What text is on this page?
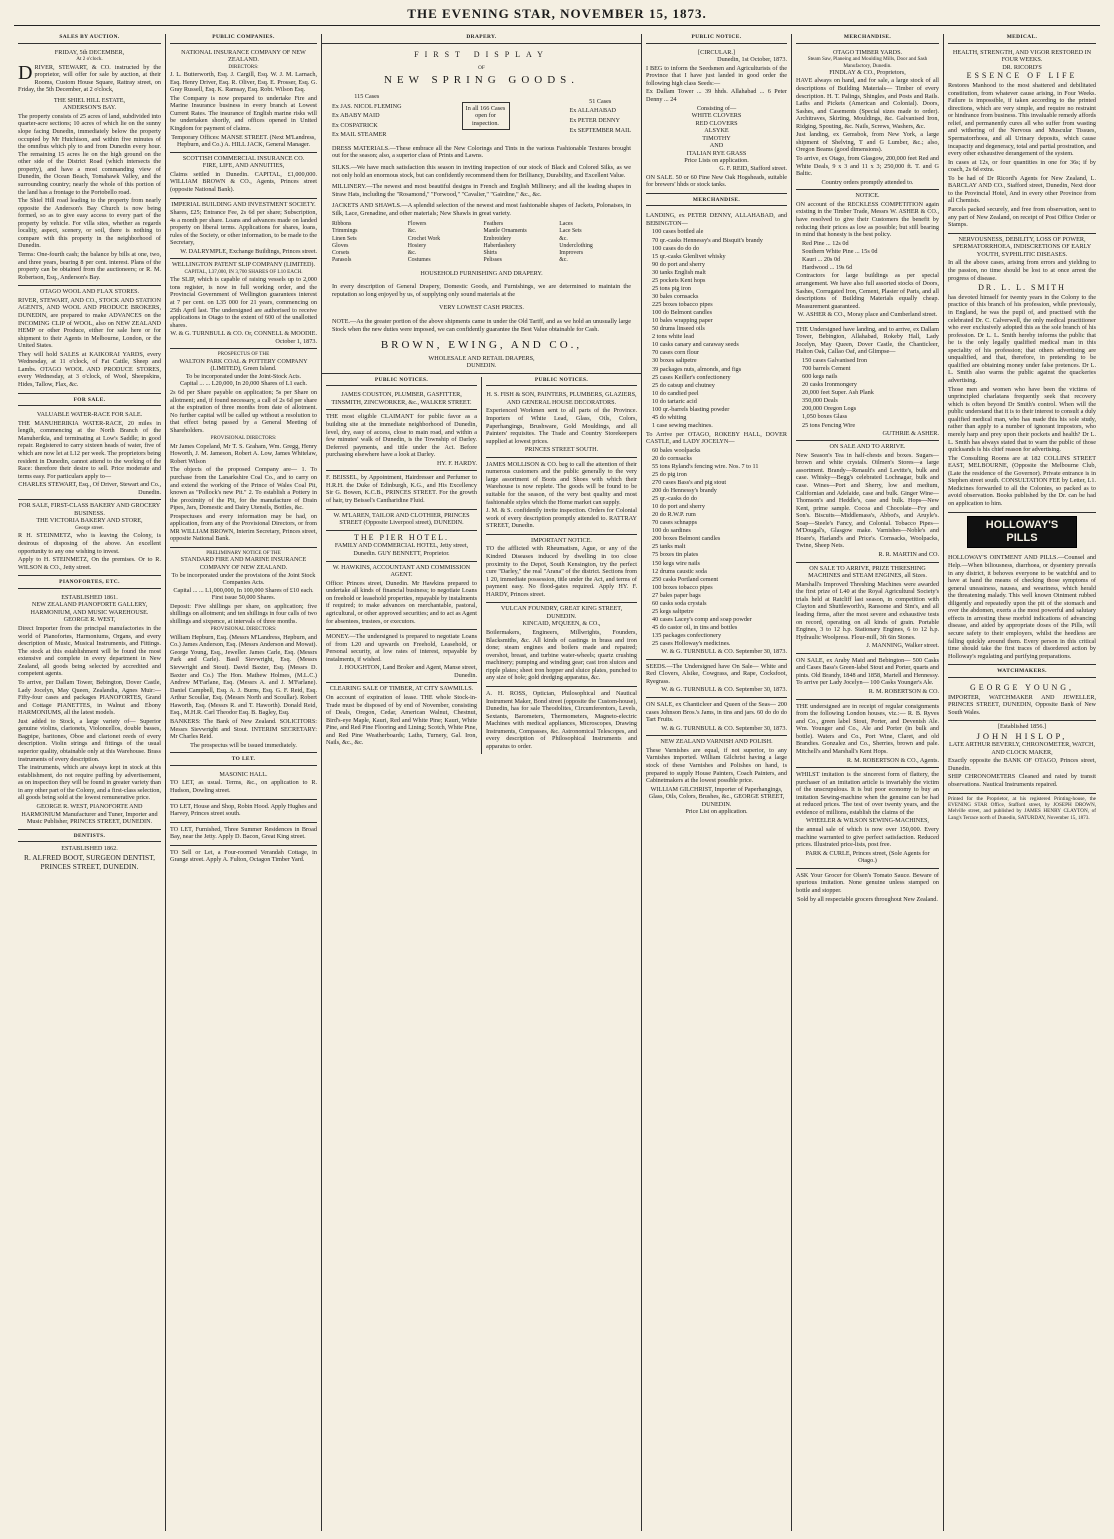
THE EVENING STAR, NOVEMBER 15, 1873.
SALES BY AUCTION.
FRIDAY, 5th DECEMBER,
At 2 o'clock.

DRIVER, STEWART, & CO. instructed by the proprietor, will offer for sale by auction, at their Rooms, Custom House Square, Rattray street, on Friday, the 5th December, at 2 o'clock,

THE SHIEL HILL ESTATE,
ANDERSON'S BAY.

The property consists of 25 acres of land, subdivided into quarter-acre sections; 10 acres of which lie on the sunny slope facing Dunedin, immediately below the property occupied by Mr Hutchison, and within five minutes of the omnibus which ply to and from Dunedin every hour. The remaining 15 acres lie on the high ground on the other side of the District Road (which intersects the property), and have a most commanding view of Dunedin, the Ocean Beach, Tomahawk Valley, and the surrounding country; nearly the whole of this portion of the land has a frontage to the Portobello road.

The Shiel Hill road leading to the property from nearly opposite the Anderson's Bay Church is now being formed, so as to give easy access to every part of the property by vehicle. For villa sites, whether as regards locality, aspect, scenery, or soil, there is nothing to compare with this property in the neighborhood of Dunedin.

Terms: One-fourth cash; the balance by bills at one, two, and three years, bearing 8 per cent. interest. Plans of the property can be obtained from the auctioneers; or R. M. Robertson, Esq., Anderson's Bay.

OTAGO WOOL AND FLAX STORES.

RIVER, STEWART, AND CO., STOCK AND STATION AGENTS, AND WOOL AND PRODUCE BROKERS, DUNEDIN, are prepared to make ADVANCES on the INCOMING CLIP of WOOL, also on NEW ZEALAND HEMP or other Produce, either for sale here or for shipment to their Agents in Melbourne, London, or the United States.

They will hold SALES at KAIKORAI YARDS, every Wednesday, at 11 o'clock, of Fat Cattle, Sheep and Lambs. OTAGO WOOL AND PRODUCE STORES, every Wednesday, at 3 o'clock, of Wool, Sheepskins, Hides, Tallow, Flax, &c.

FOR SALE.
VALUABLE WATER-RACE FOR SALE.

THE MANUHERIKIA WATER-RACE, 20 miles in length, commencing at the North Branch of the Manuherikia, and terminating at Low's Saddle; in good repair. Registered to carry sixteen heads of water, five of which are now let at L12 per week. The proprietors being resident in Dunedin, cannot attend to the working of the Race: therefore their desire to sell. Price moderate and terms easy. For particulars apply to—

CHARLES STEWART, Esq., Of Driver, Stewart and Co., Dunedin.
FOR SALE, FIRST-CLASS BAKERY AND GROCERY BUSINESS.
THE VICTORIA BAKERY AND STORE,
George street.

R H. STEINMETZ, who is leaving the Colony, is desirous of disposing of the above. An excellent opportunity to any one wishing to invest.

Apply to H. STEINMETZ, On the premises. Or to R. WILSON & CO., Jetty street.

PIANOFORTES, ETC.
ESTABLISHED 1861.
NEW ZEALAND PIANOFORTE GALLERY, HARMONIUM, AND MUSIC WAREHOUSE.
GEORGE R. WEST,

Direct Importer from the principal manufactories in the world of Pianofortes, Harmoniums, Organs, and every description of Music, Musical Instruments, and Fittings. The stock at this establishment will be found the most extensive and complete in every department in New Zealand, all goods being selected by accredited and competent agents.

To arrive, per Dallam Tower, Bebington, Dover Castle, Lady Jocelyn, May Queen, Zealandia, Agnes Muir:—Fifty-four cases and packages PIANOFORTES, Grand and Cottage PIANETTES, in Walnut and Ebony HARMONIUMS, all the latest models.

Just added to Stock, a large variety of— Superior genuine violins, clarionets, Violoncellos, double basses, Bagpipe, baritones, Oboe and clarionet reeds of every description. Violin strings and fittings of the usual superior quality, obtainable only at this Warehouse. Brass instruments of every description.

The instruments, which are always kept in stock at this establishment, do not require puffing by advertisement, as on inspection they will be found in greater variety than in any other part of the Colony, and a first-class selection, all goods being sold at the lowest remunerative price.

GEORGE R. WEST, PIANOFORTE AND HARMONIUM Manufacturer and Tuner, Importer and Music Publisher, PRINCES STREET, DUNEDIN.
DENTISTS.
ESTABLISHED 1862.
R. ALFRED BOOT, SURGEON DENTIST, PRINCES STREET, DUNEDIN.
PUBLIC COMPANIES.
NATIONAL INSURANCE COMPANY OF NEW ZEALAND.
DIRECTORS:

J. L. Butterworth, Esq. J. Cargill, Esq. W. J. M. Larnach, Esq. Henry Driver, Esq. R. Oliver, Esq. E. Prosser, Esq. G. Gray Russell, Esq. K. Ramsay, Esq. Robt. Wilson Esq.

The Company is now prepared to undertake Fire and Marine Insurance business in every branch at Lowest Current Rates. The insurance of English marine risks will be undertaken shortly, and offices opened in United Kingdom for payment of claims.

Temporary Offices: MANSE STREET. (Next M'Landress, Hepburn, and Co.) A. HILL JACK, General Manager.
SCOTTISH COMMERCIAL INSURANCE CO.
FIRE, LIFE, AND ANNUITIES,

Claims settled in Dunedin. CAPITAL, £1,000,000. WILLIAM BROWN & CO., Agents, Princes street (opposite National Bank).

IMPERIAL BUILDING AND INVESTMENT SOCIETY.

Shares, £25; Entrance Fee, 2s 6d per share; Subscription, 4s a month per share. Loans and advances made on landed property on liberal terms. Applications for shares, loans, rules of the Society, or other information, to be made to the Secretary,

W. DALRYMPLE, Exchange Buildings, Princes street.
WELLINGTON PATENT SLIP COMPANY (LIMITED).
CAPITAL, L37,000, IN 3,700 SHARES OF L10 EACH.

The SLIP, which is capable of raising vessels up to 2,000 tons register, is now in full working order, and the Provincial Government of Wellington guarantees interest at 7 per cent. on L35 000 for 21 years, commencing on 25th April last. The undersigned are authorised to receive applications in Otago to the extent of 600 of the unallotted shares.

W. & G. TURNBULL & CO. Or, CONNELL & MOODIE. October 1, 1873.
PROSPECTUS OF THE
WALTON PARK COAL & POTTERY COMPANY (LIMITED), Green Island.
To be incorporated under the Joint-Stock Acts.
Capital ... ... L20,000, In 20,000 Shares of L1 each.

2s 6d per Share payable on application; 5s per Share on allotment; and, if found necessary, a call of 2s 6d per share at the expiration of three months from date of allotment. No further capital will be called up without a resolution to that effect being passed by a General Meeting of Shareholders.

PROVISIONAL DIRECTORS:

Mr James Copeland, Mr T. S. Graham, Wm. Gregg, Henry Howorth, J. M. Jameson, Robert A. Low, James Whitelaw, Robert Wilson

The objects of the proposed Company are— 1. To purchase from the Lanarkshire Coal Co., and to carry on and extend the working of the Prince of Wales Coal Pit, known as "Pollock's new Pit." 2. To establish a Pottery in the proximity of the Pit, for the manufacture of Drain Pipes, Jars, Domestic and Dairy Utensils, Bottles, &c.

Prospectuses and every information may be had, on application, from any of the Provisional Directors, or from MR WILLIAM BROWN, Interim Secretary, Princes street, opposite National Bank.

PRELIMINARY NOTICE OF THE
STANDARD FIRE AND MARINE INSURANCE COMPANY OF NEW ZEALAND.
To be incorporated under the provisions of the Joint Stock Companies Acts.
Capital ... ... L1,000,000, In 100,000 Shares of £10 each. First issue 50,000 Shares.

Deposit: Five shillings per share, on application; five shillings on allotment; and ten shillings in four calls of two shillings and sixpence, at intervals of three months.

PROVISIONAL DIRECTORS:

William Hepburn, Esq. (Messrs M'Landress, Hepburn, and Co.) James Anderson, Esq. (Messrs Anderson and Mowat). George Young, Esq., Jeweller. James Carle, Esq. (Messrs Park and Carle). Basil Sievwright, Esq. (Messrs Sievwright and Stout). David Baxter, Esq. (Messrs D. Baxter and Co.) The Hon. Mathew Holmes, (M.L.C.) Andrew M'Farlane, Esq. (Messrs A. and J. M'Farlane). Daniel Campbell, Esq. A. J. Burns, Esq. G. F. Reid, Esq. Arthur Scoullar, Esq. (Messrs North and Scoullar). Robert Haworth, Esq. (Messrs R. and T. Haworth). Donald Reid, Esq., M.H.R. Carl Theodor Esq. B. Bagley, Esq.

BANKERS: The Bank of New Zealand. SOLICITORS: Messrs Sievwright and Stout. INTERIM SECRETARY: Mr Charles Reid.

The prospectus will be issued immediately.
TO LET.
MASONIC HALL.

TO LET, as usual. Terms, &c., on application to R. Hudson, Dowling street.

TO LET, House and Shop, Robin Hood. Apply Hughes and Harvey, Princes street south.

TO LET, Furnished, Three Summer Residences in Broad Bay, near the Jetty. Apply D. Bacon, Great King street.

TO Sell or Let, a Four-roomed Verandah Cottage, in Grange street. Apply A. Fulton, Octagon Timber Yard.

DRAPERY.
FIRST DISPLAY
OF
NEW SPRING GOODS.
115 Cases
Ex JAS. NICOL FLEMING
Ex ABABY MAID
Ex COSPATRICK
Ex MAIL STEAMER
In all 166 Cases open for inspection.
51 Cases
Ex ALLAHABAD
Ex PETER DENNY
Ex SEPTEMBER MAIL
DRESS MATERIALS.—These embrace all the New Colorings and Tints in the various Fashionable Textures brought out for the season; also, a superior class of Prints and Lawns.
SILKS.—We have much satisfaction this season in inviting inspection of our stock of Black and Colored Silks, as we not only hold an enormous stock, but can confidently recommend them for Brilliancy, Durability, and Excellent Value.
MILLINERY.—The newest and most beautiful designs in French and English Millinery; and all the leading shapes in Straw Hats, including the "Rosamond," "Forwood," "Cavalier," "Gairdine," &c., &c.
JACKETS AND SHAWLS.—A splendid selection of the newest and most fashionable shapes of Jackets, Polonaises, in Silk, Lace, Grenadine, and other materials; New Shawls in great variety.
Ribbons	Flowers	Feathers	Laces
Trimmings	&c.	Mantle Ornaments	Lace Sets
Linen Sets	Crochet Work	Embroidery	&c.
Gloves	Hosiery	Haberdashery	Underclothing
Corsets	&c.	Shirts	Improvers
Parasols	Costumes	Pelisses	&c.
HOUSEHOLD FURNISHING AND DRAPERY.
In every description of General Drapery, Domestic Goods, and Furnishings, we are determined to maintain the reputation so long enjoyed by us, of supplying only sound materials at the
VERY LOWEST CASH PRICES.
NOTE.—As the greater portion of the above shipments came in under the Old Tariff, and as we hold an unusually large Stock when the new duties were imposed, we can confidently guarantee the Best Value obtainable for Cash.
BROWN, EWING, AND CO.,
WHOLESALE AND RETAIL DRAPERS,
DUNEDIN.
PUBLIC NOTICES.
JAMES COUSTON, PLUMBER, GASFITTER, TINSMITH, ZINCWORKER, &c., WALKER STREET.

THE most eligible CLAIMANT for public favor as a building site at the immediate neighborhood of Dunedin, level, dry, easy of access, close to main road, and within a few minutes' walk of Dunedin, is the Township of Darley. Deferred payments, and title under the Act. Before purchasing elsewhere have a look at Darley.

HY. F. HARDY.

F. BEISSEL, by Appointment, Hairdresser and Perfumer to H.R.H. the Duke of Edinburgh, K.G., and His Excellency Sir G. Bowen, K.C.B., PRINCES STREET. For the growth of hair, try Beissel's Cantharidine Fluid.

W. M'LAREN, TAILOR AND CLOTHIER, PRINCES STREET (Opposite Liverpool street), DUNEDIN.
THE PIER HOTEL.
FAMILY AND COMMERCIAL HOTEL, Jetty street, Dunedin. GUY BENNETT, Proprietor.
W. HAWKINS, ACCOUNTANT AND COMMISSION AGENT.

Office: Princes street, Dunedin. Mr Hawkins prepared to undertake all kinds of financial business; to negotiate Loans on freehold or leasehold properties, repayable by instalments if required; to make advances on merchantable, pastoral, agricultural, or other approved securities; and to act as Agent for absentees, trustees, or executors.

MONEY.—The undersigned is prepared to negotiate Loans of from L20 and upwards on Freehold, Leasehold, or Personal security, at low rates of interest, repayable by instalments, if wished.

J. HOUGHTON, Land Broker and Agent, Manse street, Dunedin.
CLEARING SALE OF TIMBER, AT CITY SAWMILLS.

On account of expiration of lease. THE whole Stock-in-Trade must be disposed of by end of November, consisting of Deals, Oregon, Cedar, American Walnut, Chestnut, Bird's-eye Maple, Kauri, Red and White Pine; Kauri, White Pine, and Red Pine Flooring and Lining; Scotch, White Pine, and Red Pine Weatherboards; Laths, Turnery, Gal. Iron, Nails, &c., &c.

PUBLIC NOTICES.
H. S. FISH & SON, PAINTERS, PLUMBERS, GLAZIERS, AND GENERAL HOUSE DECORATORS.

Experienced Workmen sent to all parts of the Province. Importers of White Lead, Glass, Oils, Colors, Paperhangings, Brushware, Gold Mouldings, and all Painters' requisites. The Trade and Country Storekeepers supplied at lowest prices.

PRINCES STREET SOUTH.

JAMES MOLLISON & CO. beg to call the attention of their numerous customers and the public generally to the very large assortment of Boots and Shoes with which their Warehouse is now replete. The goods will be found to be suitable for the season, of the very best quality and most fashionable styles which the Home market can supply.

J. M. & S. confidently invite inspection. Orders for Colonial work of every description promptly attended to. RATTRAY STREET, Dunedin.

IMPORTANT NOTICE.

TO the afflicted with Rheumatism, Ague, or any of the Kindred Diseases induced by dwelling in too close proximity to the Depot, South Kensington, try the perfect cure "Darley," the real "Arana" of the district. Sections from 1 20, immediate possession, title under the Act, and terms of payment easy. No flood-gates required. Apply HY. F. HARDY, Princes street.

VULCAN FOUNDRY, GREAT KING STREET, DUNEDIN.
KINCAID, M'QUEEN, & CO.,

Boilermakers, Engineers, Millwrights, Founders, Blacksmiths, &c. All kinds of castings in brass and iron done; steam engines and boilers made and repaired; overshot, breast, and turbine water-wheels; quartz crushing machinery; pumping and winding gear; cast iron sluices and ripple plates; sheet iron hopper and sluice plates, punched to any size of hole; gold dredging apparatus, &c.

A. H. ROSS, Optician, Philosophical and Nautical Instrument Maker, Bond street (opposite the Custom-house), Dunedin, has for sale Theodolites, Circumferentors, Levels, Sextants, Barometers, Thermometers, Magneto-electric Machines with medical appliances, Microscopes, Drawing Instruments, Compasses, &c. Astronomical Telescopes, and every description of Philosophical Instruments and apparatus to order.

PUBLIC NOTICE.
[CIRCULAR.]
Dunedin, 1st October, 1873.

I BEG to inform the Seedsmen and Agriculturists of the Province that I have just landed in good order the following high class Seeds:—

Ex Dallam Tower ... 39 hhds. Allahabad ... 6 Peter Denny ... 24

Consisting of—
WHITE CLOVERS
RED CLOVERS
ALSYKE
TIMOTHY
AND
ITALIAN RYE GRASS
Price Lists on application.
G. F. REID, Stafford street.

ON SALE. 50 or 60 Fine New Oak Hogsheads, suitable for brewers' hhds or stock tanks.

MERCHANDISE.

LANDING, ex PETER DENNY, ALLAHABAD, and BEBINGTON—

100 cases bottled ale
70 qr.-casks Hennessy's and Bisquit's brandy
100 cases do do do
15 qr.-casks Glenlivet whisky
90 do port and sherry
30 tanks English malt
25 pockets Kent hops
25 tons pig iron
30 bales cornsacks
225 boxes tobacco pipes
100 do Belmont candles
10 bales wrapping paper
50 drums linseed oils
2 tons white lead
10 casks canary and caraway seeds
70 cases corn flour
30 boxes saltpetre
39 packages nuts, almonds, and figs
25 cases Keiller's confectionery
25 do catsup and chutney
10 do candied peel
10 do tartaric acid
100 qr.-barrels blasting powder
45 do whiting
1 case sewing machines.

To Arrive per OTAGO, ROKEBY HALL, DOVER CASTLE, and LADY JOCELYN—

60 bales woolpacks
20 do cornsacks
55 tons Ryland's fencing wire. Nos. 7 to 11
25 do pig iron
270 cases Bass's and pig stout
200 do Hennessy's brandy
25 qr.-casks do do
10 do port and sherry
20 do R.W.P. rum
70 cases schnapps
100 do sardines
200 boxes Belmont candles
25 tanks malt
75 boxes tin plates
150 kegs wire nails
12 drums caustic soda
250 casks Portland cement
100 boxes tobacco pipes
27 bales paper bags
60 casks soda crystals
25 kegs saltpetre
40 cases Lacey's comp and soap powder
45 do castor oil, in tins and bottles
135 packages confectionery
25 cases Holloway's medicines.
W. & G. TURNBULL & CO. September 30, 1873.

SEEDS.—The Undersigned have On Sale— White and Red Clovers, Alsike, Cowgrass, and Rape, Cocksfoot, Ryegrass.

W. & G. TURNBULL & CO. September 30, 1873.

ON SALE, ex Chanticleer and Queen of the Seas— 200 cases Johnson Bros.'s Jams, in tins and jars. 60 do do do Tart Fruits.

W. & G. TURNBULL & CO. September 30, 1873.
NEW ZEALAND VARNISH AND POLISH.

These Varnishes are equal, if not superior, to any Varnishes imported. William Gilchrist having a large stock of these Varnishes and Polishes on hand, is prepared to supply House Painters, Coach Painters, and Cabinetmakers at the lowest possible price.

WILLIAM GILCHRIST, Importer of Paperhangings, Glass, Oils, Colors, Brushes, &c., GEORGE STREET, DUNEDIN.
Price List on application.
MERCHANDISE.
OTAGO TIMBER YARDS.
Steam Saw, Planeing and Moulding Mills, Door and Sash Manufactory, Dunedin.
FINDLAY & CO., Proprietors,

HAVE always on hand, and for sale, a large stock of all descriptions of Building Materials— Timber of every description. H. T. Palings, Shingles, and Posts and Rails. Laths and Pickets (American and Colonial). Doors, Sashes, and Casements (Special sizes made to order). Architraves, Skirting, Mouldings, &c. Galvanised Iron, Ridging, Spouting, &c. Nails, Screws, Washers, &c.

Just landing, ex Gemsbok, from New York, a large shipment of Shelving, T and G Lumber, &c.; also, Oregon Beams (good dimensions).

To arrive, ex Otago, from Glasgow, 200,000 feet Red and White Deals, 9 x 3 and 11 x 3; 250,000 ft. T. and G Baltic.

Country orders promptly attended to.
NOTICE.

ON account of the RECKLESS COMPETITION again existing in the Timber Trade, Messrs W. ASHER & CO., have resolved to give their Customers the benefit by reducing their prices as low as possible; but still bearing in mind that honesty is the best policy.

Red Pine ... 12s 0d
Southern White Pine ... 15s 0d
Kauri ... 20s 0d
Hardwood ... 19s 6d

Contractors for large buildings as per special arrangement. We have also full assorted stocks of Doors, Sashes, Corrugated Iron, Cement, Plaster of Paris, and all descriptions of Building Materials equally cheap. Measurement guaranteed.

W. ASHER & CO., Moray place and Cumberland street.

THE Undersigned have landing, and to arrive, ex Dallam Tower, Bebington, Allahabad, Rokeby Hall, Lady Jocelyn, May Queen, Dover Castle, the Chanticleer, Halton Oak, Callao Oaf, and Glimpse—

150 cases Galvanised Iron
700 barrels Cement
600 kegs nails
20 casks Ironmongery
20,000 feet Super. Ash Plank
350,000 Deals
200,000 Oregon Logs
1,050 boxes Glass
25 tons Fencing Wire
GUTHRIE & ASHER.
ON SALE AND TO ARRIVE.

New Season's Tea in half-chests and boxes. Sugars—brown and white crystals. Oilmen's Stores—a large assortment. Brandy—Renault's and Levitte's, bulk and case. Whisky—Begg's celebrated Lochnagar, bulk and case. Wines—Port and Sherry, low and medium, Californian and Adelaide, case and bulk. Ginger Wine—Thomson's and Heddle's, case and bulk. Hops—New Kent, prime sample. Cocoa and Chocolate—Fry and Son's. Biscuits—Middlemass's, Abbot's, and Aruyle's. Soap—Steele's Fancy, and Colonial. Tobacco Pipes—M'Dougal's, Glasgow make. Varnishes—Noble's and Hoare's, Harland's and Price's. Cornsacks, Woolpacks, Twine, Sheep Nets.

R. R. MARTIN and CO.
ON SALE TO ARRIVE, PRIZE THRESHING MACHINES and STEAM ENGINES, all Sizes.

Marshall's Improved Threshing Machines were awarded the first prize of L40 at the Royal Agricultural Society's trials held at Ratcliff last season, in competition with Clayton and Shuttleworth's, Ransome and Sim's, and all leading firms, after the most severe and exhaustive tests on record, operating on all kinds of grain. Portable Engines, 3 to 12 h.p. Stationary Engines, 6 to 12 h.p. Hydraulic Woolpress. Flour-mill, 3ft 6in Stones.

J. MANNING, Walker street.

ON SALE, ex Araby Maid and Bebington— 500 Casks and Cases Bass's Green-label Stout and Porter, quarts and pints. Old Brandy, 1848 and 1858, Martell and Hennessy. To arrive per Lady Jocelyn— 100 Casks Younger's Ale.

R. M. ROBERTSON & CO.

THE undersigned are in receipt of regular consignments from the following London houses, viz.:— R. B. Ryves and Co., green label Stout, Porter, and Devenish Ale. Wm. Younger and Co., Ale and Porter (in bulk and bottle). Waters and Co., Port Wine, Claret, and old Brandies. Gonzalez and Co., Sherries, brown and pale. Mitchell's and Marshall's Kent Hops.

R. M. ROBERTSON & CO., Agents.

WHILST imitation is the sincerest form of flattery, the purchaser of an imitation article is invariably the victim of the unscrupulous. It is but poor economy to buy an imitation Sewing-machine when the genuine can be had at reduced prices. The test of over twenty years, and the evidence of millions, establish the claims of the

WHEELER & WILSON SEWING-MACHINES,

the annual sale of which is now over 150,000. Every machine warranted to give perfect satisfaction. Reduced prices. Illustrated price-lists, post free.

PARK & CURLE, Princes street, (Sole Agents for Otago.)

ASK Your Grocer for Olsen's Tomato Sauce. Beware of spurious imitation. None genuine unless stamped on bottle and stopper.

Sold by all respectable grocers throughout New Zealand.
MEDICAL.
HEALTH, STRENGTH, AND VIGOR RESTORED IN FOUR WEEKS.
DR. RICORD'S
ESSENCE OF LIFE

Restores Manhood to the most shattered and debilitated constitution, from whatever cause arising, in Four Weeks. Failure is impossible, if taken according to the printed directions, which are very simple, and require no restraint or hindrance from business. This invaluable remedy affords relief, and permanently cures all who suffer from wasting and withering of the Nervous and Muscular Tissues, Spermatorrhoea, and all Urinary deposits, which cause incapacity and degeneracy, total and partial prostration, and every other exhaustive derangement of the system.

In cases at 12s, or four quantities in one for 36s; if by coach, 2s 6d extra.

To be had of Dr Ricord's Agents for New Zealand, L. BARCLAY AND CO., Stafford street, Dunedin, Next door to the Provincial Hotel, And in every other Province from all Chemists.

Parcels packed securely, and free from observation, sent to any part of New Zealand, on receipt of Post Office Order or Stamps.

NERVOUSNESS, DEBILITY, LOSS OF POWER, SPERMATORRHOEA, INDISCRETIONS OF EARLY YOUTH, SYPHILITIC DISEASES.

In all the above cases, arising from errors and yielding to the passion, no time should be lost to at once arrest the progress of disease.

DR. L. L. SMITH

has devoted himself for twenty years in the Colony to the practice of this branch of his profession, while previously, in England, he was the pupil of, and practised with the celebrated Dr. C. Calverwell, the only medical practitioner who ever exclusively adopted this as the sole branch of his profession. Dr L. L. Smith hereby informs the public that he is the only legally qualified medical man in this speciality of his profession; that others advertising are unqualified, and that, therefore, in pretending to be qualified are obtaining money under false pretences. Dr L. L. Smith also warns the public against the quackeries advertising.

Those men and women who have been the victims of unprincipled charlatans frequently seek that recovery which is often beyond Dr Smith's control. When will the public understand that it is to their interest to consult a duly qualified medical man, who has made this his sole study, rather than apply to a number of ignorant impostors, who merely harp and prey upon their pockets and health? Dr L. L. Smith has always stated that to warn the public of those quicksands is his chief reason for advertising.

The Consulting Rooms are at 182 COLLINS STREET EAST, MELBOURNE, (Opposite the Melbourne Club, (Late the residence of the Governor). Private entrance is in Stephen street south. CONSULTATION FEE by Letter, L1. Medicines forwarded to all the Colonies, so packed as to avoid observation. Books published by the Dr. can be had on application to him.

HOLLOWAY'S PILLS

HOLLOWAY'S OINTMENT AND PILLS.—Counsel and Help.—When biliousness, diarrhoea, or dysentery prevails in any district, it behoves everyone to be watchful and to have at hand the means of checking those symptoms of general uneasiness, nausea, and weariness, which herald the threatening malady. This well known Ointment rubbed diligently and repeatedly upon the pit of the stomach and over the abdomen, exerts a the most powerful and salutary effects in arresting these morbid indications of advancing disease, and aided by appropriate doses of the Pills, will secure safety to their employers, whilst the heedless are falling quickly around them. Every person in this critical time should take the first traces of disordered action by Holloway's regulating and purifying preparations.

WATCHMAKERS.
GEORGE YOUNG,

IMPORTER, WATCHMAKER AND JEWELLER, PRINCES STREET, DUNEDIN, Opposite Bank of New South Wales.

[Established 1856.]
JOHN HISLOP,
LATE ARTHUR BEVERLY, CHRONOMETER, WATCH, AND CLOCK MAKER,

Exactly opposite the BANK OF OTAGO, Princes street, Dunedin.

SHIP CHRONOMETERS Cleaned and rated by transit observations. Nautical Instruments repaired.

Printed for the Proprietor, at his registered Printing-house, the EVENING STAR Office, Stafford street, by JOSEPH DROWN, Melville street, and published by JAMES HENRY CLAYTON, of Lang's Terrace north of Dunedin, SATURDAY, November 15, 1873.
